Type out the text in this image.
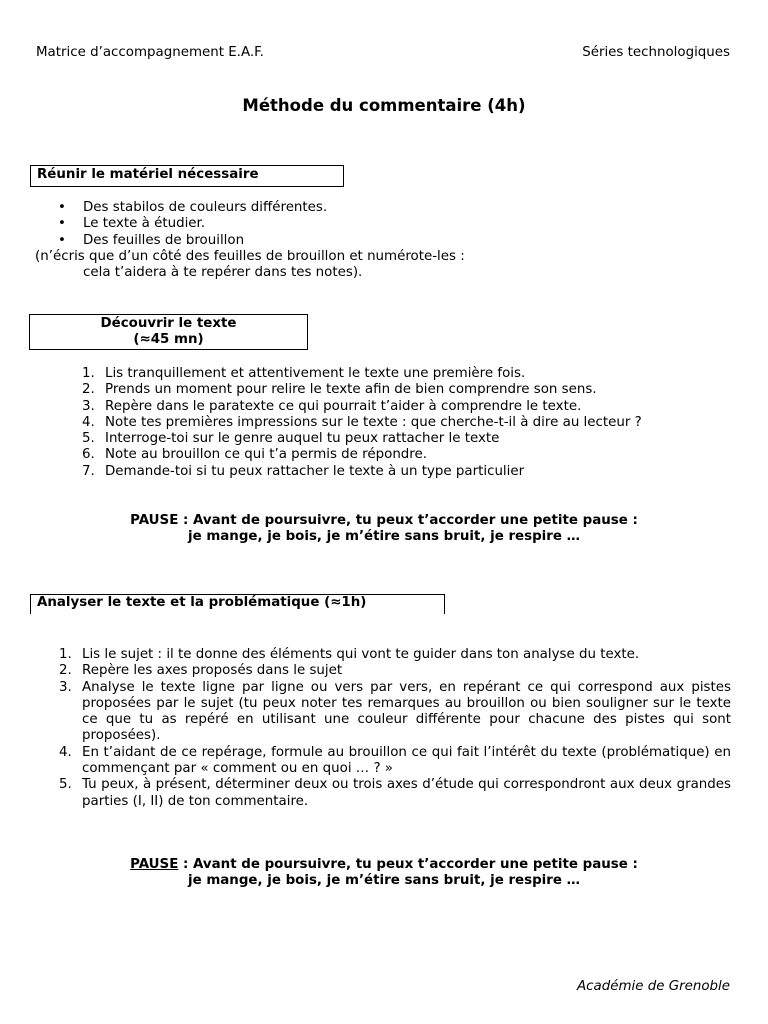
Matrice d’accompagnement E.A.F.	Séries technologiques
Méthode du commentaire (4h)
Réunir le matériel nécessaire
• Des stabilos de couleurs différentes.
• Le texte à étudier.
• Des feuilles de brouillon
(n’écris que d’un côté des feuilles de brouillon et numérote-les :
cela t’aidera à te repérer dans tes notes).
Découvrir le texte
(≈45 mn)
1. Lis tranquillement et attentivement le texte une première fois.
2. Prends un moment pour relire le texte afin de bien comprendre son sens.
3. Repère dans le paratexte ce qui pourrait t’aider à comprendre le texte.
4. Note tes premières impressions sur le texte : que cherche-t-il à dire au lecteur ?
5. Interroge-toi sur le genre auquel tu peux rattacher le texte
6. Note au brouillon ce qui t’a permis de répondre.
7. Demande-toi si tu peux rattacher le texte à un type particulier
PAUSE : Avant de poursuivre, tu peux t’accorder une petite pause :
je mange, je bois, je m’étire sans bruit, je respire …
Analyser le texte et la problématique (≈1h)
1. Lis le sujet : il te donne des éléments qui vont te guider dans ton analyse du texte.
2. Repère les axes proposés dans le sujet
3. Analyse le texte ligne par ligne ou vers par vers, en repérant ce qui correspond aux pistes proposées par le sujet (tu peux noter tes remarques au brouillon ou bien souligner sur le texte ce que tu as repéré en utilisant une couleur différente pour chacune des pistes qui sont proposées).
4. En t’aidant de ce repérage, formule au brouillon ce qui fait l’intérêt du texte (problématique) en commençant par « comment ou en quoi … ? »
5. Tu peux, à présent, déterminer deux ou trois axes d’étude qui correspondront aux deux grandes parties (I, II) de ton commentaire.
PAUSE : Avant de poursuivre, tu peux t’accorder une petite pause :
je mange, je bois, je m’étire sans bruit, je respire …
Académie de Grenoble
